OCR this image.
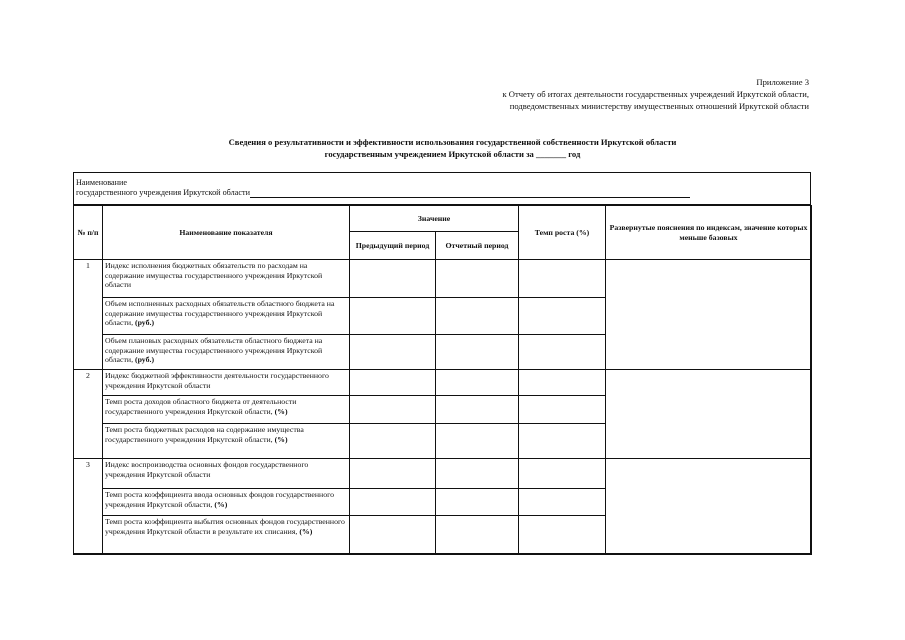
Приложение 3
к Отчету об итогах деятельности государственных учреждений Иркутской области,
подведомственных министерству имущественных отношений Иркутской области
Сведения о результативности и эффективности использования государственной собственности Иркутской области
государственным учреждением Иркутской области за _______ год
Наименование
государственного учреждения Иркутской области
№ п/п	Наименование показателя	Значение		Темп роста (%)	Развернутые пояснения по индексам, значение которых меньше базовых
		Предыдущий период	Отчетный период		
1	Индекс исполнения бюджетных обязательств по расходам на содержание имущества государственного учреждения Иркутской области				
	Объем исполненных расходных обязательств областного бюджета на содержание имущества государственного учреждения Иркутской области, (руб.)				
	Объем плановых расходных обязательств областного бюджета на содержание имущества государственного учреждения Иркутской области, (руб.)				
2	Индекс бюджетной эффективности деятельности государственного учреждения Иркутской области				
	Темп роста доходов областного бюджета от деятельности государственного учреждения Иркутской области, (%)				
	Темп роста бюджетных расходов на содержание имущества государственного учреждения Иркутской области, (%)				
3	Индекс воспроизводства основных фондов государственного учреждения Иркутской области				
	Темп роста коэффициента ввода основных фондов государственного учреждения Иркутской области, (%)				
	Темп роста коэффициента выбытия основных фондов государственного учреждения Иркутской области в результате их списания, (%)				
